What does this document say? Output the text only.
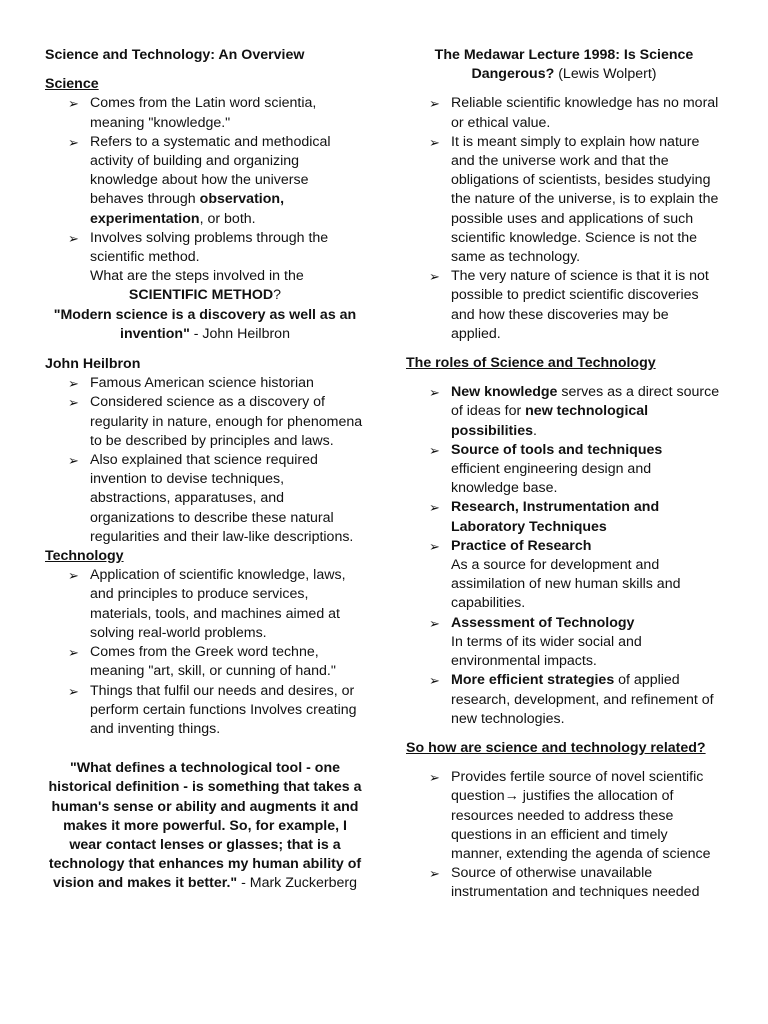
Science and Technology: An Overview

Science
➢ Comes from the Latin word scientia, meaning "knowledge."
➢ Refers to a systematic and methodical activity of building and organizing knowledge about how the universe behaves through observation, experimentation, or both.
➢ Involves solving problems through the scientific method.
What are the steps involved in the
SCIENTIFIC METHOD?
"Modern science is a discovery as well as an invention" - John Heilbron
John Heilbron
➢ Famous American science historian
➢ Considered science as a discovery of regularity in nature, enough for phenomena to be described by principles and laws.
➢ Also explained that science required invention to devise techniques, abstractions, apparatuses, and organizations to describe these natural regularities and their law-like descriptions.
Technology
➢ Application of scientific knowledge, laws, and principles to produce services, materials, tools, and machines aimed at solving real-world problems.
➢ Comes from the Greek word techne, meaning "art, skill, or cunning of hand."
➢ Things that fulfil our needs and desires, or perform certain functions Involves creating and inventing things.
"What defines a technological tool - one historical definition - is something that takes a human's sense or ability and augments it and makes it more powerful. So, for example, I wear contact lenses or glasses; that is a technology that enhances my human ability of vision and makes it better." - Mark Zuckerberg
The Medawar Lecture 1998: Is Science Dangerous? (Lewis Wolpert)
➢ Reliable scientific knowledge has no moral or ethical value.
➢ It is meant simply to explain how nature and the universe work and that the obligations of scientists, besides studying the nature of the universe, is to explain the possible uses and applications of such scientific knowledge. Science is not the same as technology.
➢ The very nature of science is that it is not possible to predict scientific discoveries and how these discoveries may be applied.
The roles of Science and Technology
➢ New knowledge serves as a direct source of ideas for new technological possibilities.
➢ Source of tools and techniques
efficient engineering design and knowledge base.
➢ Research, Instrumentation and Laboratory Techniques
➢ Practice of Research
As a source for development and assimilation of new human skills and capabilities.
➢ Assessment of Technology
In terms of its wider social and environmental impacts.
➢ More efficient strategies of applied research, development, and refinement of new technologies.
So how are science and technology related?
➢ Provides fertile source of novel scientific question→ justifies the allocation of resources needed to address these questions in an efficient and timely manner, extending the agenda of science
➢ Source of otherwise unavailable instrumentation and techniques needed
